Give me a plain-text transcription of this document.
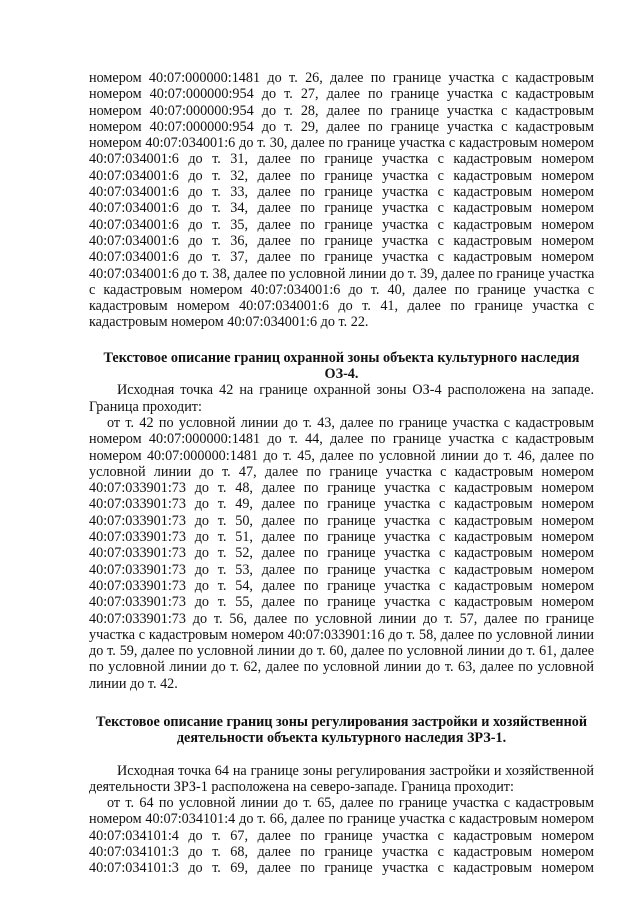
номером 40:07:000000:1481 до т. 26, далее по границе участка с кадастровым
номером 40:07:000000:954 до т. 27, далее по границе участка с кадастровым
номером 40:07:000000:954 до т. 28, далее по границе участка с кадастровым
номером 40:07:000000:954 до т. 29, далее по границе участка с кадастровым
номером 40:07:034001:6 до т. 30, далее по границе участка с кадастровым номером
40:07:034001:6 до т. 31, далее по границе участка с кадастровым номером
40:07:034001:6 до т. 32, далее по границе участка с кадастровым номером
40:07:034001:6 до т. 33, далее по границе участка с кадастровым номером
40:07:034001:6 до т. 34, далее по границе участка с кадастровым номером
40:07:034001:6 до т. 35, далее по границе участка с кадастровым номером
40:07:034001:6 до т. 36, далее по границе участка с кадастровым номером
40:07:034001:6 до т. 37, далее по границе участка с кадастровым номером
40:07:034001:6 до т. 38, далее по условной линии до т. 39, далее по границе участка
с кадастровым номером 40:07:034001:6 до т. 40, далее по границе участка с
кадастровым номером 40:07:034001:6 до т. 41, далее по границе участка с
кадастровым номером 40:07:034001:6 до т. 22.
Текстовое описание границ охранной зоны объекта культурного наследия
ОЗ-4.
Исходная точка 42 на границе охранной зоны ОЗ-4 расположена на западе.
Граница проходит:
от т. 42 по условной линии до т. 43, далее по границе участка с кадастровым
номером 40:07:000000:1481 до т. 44, далее по границе участка с кадастровым
номером 40:07:000000:1481 до т. 45, далее по условной линии до т. 46, далее по
условной линии до т. 47, далее по границе участка с кадастровым номером
40:07:033901:73 до т. 48, далее по границе участка с кадастровым номером
40:07:033901:73 до т. 49, далее по границе участка с кадастровым номером
40:07:033901:73 до т. 50, далее по границе участка с кадастровым номером
40:07:033901:73 до т. 51, далее по границе участка с кадастровым номером
40:07:033901:73 до т. 52, далее по границе участка с кадастровым номером
40:07:033901:73 до т. 53, далее по границе участка с кадастровым номером
40:07:033901:73 до т. 54, далее по границе участка с кадастровым номером
40:07:033901:73 до т. 55, далее по границе участка с кадастровым номером
40:07:033901:73 до т. 56, далее по условной линии до т. 57, далее по границе
участка с кадастровым номером 40:07:033901:16 до т. 58, далее по условной линии
до т. 59, далее по условной линии до т. 60, далее по условной линии до т. 61, далее
по условной линии до т. 62, далее по условной линии до т. 63, далее по условной
линии до т. 42.
Текстовое описание границ зоны регулирования застройки и хозяйственной
деятельности объекта культурного наследия ЗРЗ-1.
Исходная точка 64 на границе зоны регулирования застройки и хозяйственной
деятельности ЗРЗ-1 расположена на северо-западе. Граница проходит:
от т. 64 по условной линии до т. 65, далее по границе участка с кадастровым
номером 40:07:034101:4 до т. 66, далее по границе участка с кадастровым номером
40:07:034101:4 до т. 67, далее по границе участка с кадастровым номером
40:07:034101:3 до т. 68, далее по границе участка с кадастровым номером
40:07:034101:3 до т. 69, далее по границе участка с кадастровым номером
